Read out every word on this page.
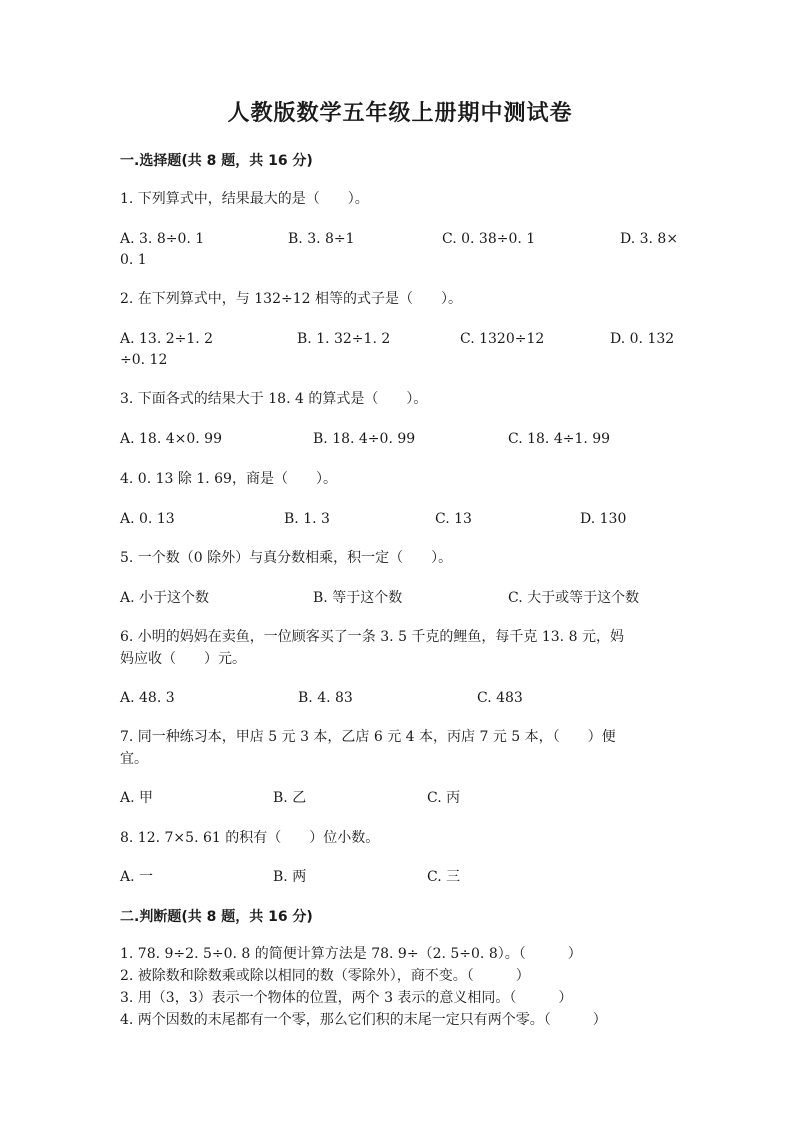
人教版数学五年级上册期中测试卷
一.选择题(共 8 题，共 16 分)
1. 下列算式中，结果最大的是（　　）。
A. 3. 8÷0. 1	B. 3. 8÷1	C. 0. 38÷0. 1	D. 3. 8×
0. 1
2. 在下列算式中，与 132÷12 相等的式子是（　　）。
A. 13. 2÷1. 2	B. 1. 32÷1. 2	C. 1320÷12	D. 0. 132
÷0. 12
3. 下面各式的结果大于 18. 4 的算式是（　　）。
A. 18. 4×0. 99	B. 18. 4÷0. 99	C. 18. 4÷1. 99
4. 0. 13 除 1. 69，商是（　　）。
A. 0. 13	B. 1. 3	C. 13	D. 130
5. 一个数（0 除外）与真分数相乘，积一定（　　）。
A. 小于这个数	B. 等于这个数	C. 大于或等于这个数
6. 小明的妈妈在卖鱼，一位顾客买了一条 3. 5 千克的鲤鱼，每千克 13. 8 元，妈
妈应收（　　）元。
A. 48. 3	B. 4. 83	C. 483
7. 同一种练习本，甲店 5 元 3 本，乙店 6 元 4 本，丙店 7 元 5 本，（　　）便
宜。
A. 甲	B. 乙	C. 丙
8. 12. 7×5. 61 的积有（　　）位小数。
A. 一	B. 两	C. 三
二.判断题(共 8 题，共 16 分)
1. 78. 9÷2. 5÷0. 8 的简便计算方法是 78. 9÷（2. 5÷0. 8）。（　　　）
2. 被除数和除数乘或除以相同的数（零除外），商不变。（　　　）
3. 用（3，3）表示一个物体的位置，两个 3 表示的意义相同。（　　　）
4. 两个因数的末尾都有一个零，那么它们积的末尾一定只有两个零。（　　　）
